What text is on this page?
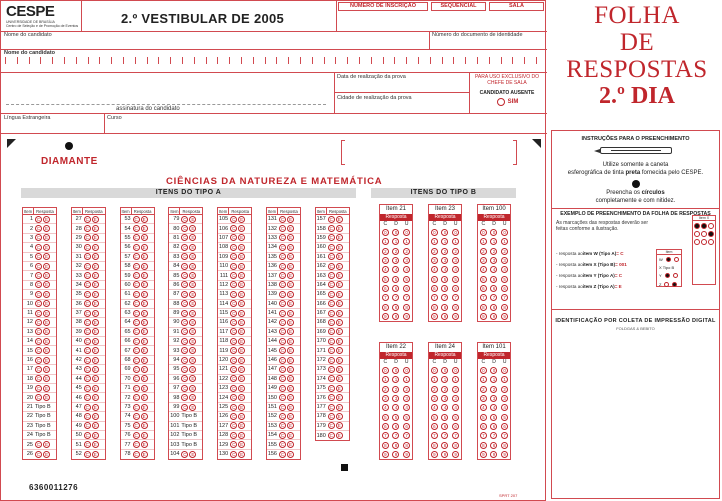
CESPE
UNIVERSIDADE DE BRASÍLIA
Centro de Seleção e de Promoção de Eventos	2.º VESTIBULAR DE 2005
NÚMERO DE INSCRIÇÃO	SEQÜENCIAL	SALA
Nome do candidato	Número do documento de identidade
Nome do candidato
Data de realização da prova
Cidade de realização da prova
PARA USO EXCLUSIVO DO CHEFE DE SALA
CANDIDATO AUSENTE
SIM
assinatura do candidato
Língua Estrangeira	Curso
DIAMANTE
CIÊNCIAS DA NATUREZA E MATEMÁTICA
ITENS DO TIPO A	ITENS DO TIPO B
Item Resposta
1 C	E
2 C	E
3 C	E
4 C	E
5 C	E
6 C	E
7 C	E
8 C	E
9 C	E
10 C	E
11 C	E
12 C	E
13 C	E
14 C	E
15 C	E
16 C	E
17 C	E
18 C	E
19 C	E
20 C	E
21 Tipo B
22 Tipo B
23 Tipo B
24 Tipo B
25 C	E
26 C	E
Item Resposta
27 C	E
28 C	E
29 C	E
30 C	E
31 C	E
32 C	E
33 C	E
34 C	E
35 C	E
36 C	E
37 C	E
38 C	E
39 C	E
40 C	E
41 C	E
42 C	E
43 C	E
44 C	E
45 C	E
46 C	E
47 C	E
48 C	E
49 C	E
50 C	E
51 C	E
52 C	E
Item Resposta
53 C	E
54 C	E
55 C	E
56 C	E
57 C	E
58 C	E
59 C	E
60 C	E
61 C	E
62 C	E
63 C	E
64 C	E
65 C	E
66 C	E
67 C	E
68 C	E
69 C	E
70 C	E
71 C	E
72 C	E
73 C	E
74 C	E
75 C	E
76 C	E
77 C	E
78 C	E
Item Resposta
79 C	E
80 C	E
81 C	E
82 C	E
83 C	E
84 C	E
85 C	E
86 C	E
87 C	E
88 C	E
89 C	E
90 C	E
91 C	E
92 C	E
93 C	E
94 C	E
95 C	E
96 C	E
97 C	E
98 C	E
99 C	E
100 Tipo B
101 Tipo B
102 Tipo B
103 Tipo B
104 C	E
Item Resposta
105 C	E
106 C	E
107 C	E
108 C	E
109 C	E
110 C	E
111 C	E
112 C	E
113 C	E
114 C	E
115 C	E
116 C	E
117 C	E
118 C	E
119 C	E
120 C	E
121 C	E
122 C	E
123 C	E
124 C	E
125 C	E
126 C	E
127 C	E
128 C	E
129 C	E
130 C	E
Item Resposta
131 C	E
132 C	E
133 C	E
134 C	E
135 C	E
136 C	E
137 C	E
138 C	E
139 C	E
140 C	E
141 C	E
142 C	E
143 C	E
144 C	E
145 C	E
146 C	E
147 C	E
148 C	E
149 C	E
150 C	E
151 C	E
152 C	E
153 C	E
154 C	E
155 C	E
156 C	E
Item Resposta
157 C	E
158 C	E
159 C	E
160 C	E
161 C	E
162 C	E
163 C	E
164 C	E
165 C	E
166 C	E
167 C	E
168 C	E
169 C	E
170 C	E
171 C	E
172 C	E
173 C	E
174 C	E
175 C	E
176 C	E
177 C	E
178 C	E
179 C	E
180 C	E
Item 21
Resposta
C	D	U
0	0	0
1	1	1
2	2	2
3	3	3
4	4	4
5	5	5
6	6	6
7	7	7
8	8	8
9	9	9
Item 23
Resposta
C	D	U
0	0	0
1	1	1
2	2	2
3	3	3
4	4	4
5	5	5
6	6	6
7	7	7
8	8	8
9	9	9
Item 100
Resposta
C	D	U
0	0	0
1	1	1
2	2	2
3	3	3
4	4	4
5	5	5
6	6	6
7	7	7
8	8	8
9	9	9
Item 22
Resposta
C	D	U
0	0	0
1	1	1
2	2	2
3	3	3
4	4	4
5	5	5
6	6	6
7	7	7
8	8	8
9	9	9
Item 24
Resposta
C	D	U
0	0	0
1	1	1
2	2	2
3	3	3
4	4	4
5	5	5
6	6	6
7	7	7
8	8	8
9	9	9
Item 101
Resposta
C	D	U
0	0	0
1	1	1
2	2	2
3	3	3
4	4	4
5	5	5
6	6	6
7	7	7
8	8	8
9	9	9
6360011276
SPRT 207
FOLHA
DE
RESPOSTAS
2.º DIA
INSTRUÇÕES PARA O PREENCHIMENTO
Utilize somente a caneta
esferográfica de tinta preta fornecida pelo CESPE.
Preencha os círculos
completamente e com nitidez.
EXEMPLO DE PREENCHIMENTO DA FOLHA DE RESPOSTAS
As marcações das respostas deverão ser feitas conforme a ilustração.
- resposta ao item W (Tipo A) = C
- resposta ao item X (Tipo B) = 001
- resposta ao item Y (Tipo A) = C
- resposta ao item Z (Tipo A) = E
Item
W
X Tipo B
Y
Z
Item X
IDENTIFICAÇÃO POR COLETA DE IMPRESSÃO DIGITAL
FOLDGAS & BEBITO
